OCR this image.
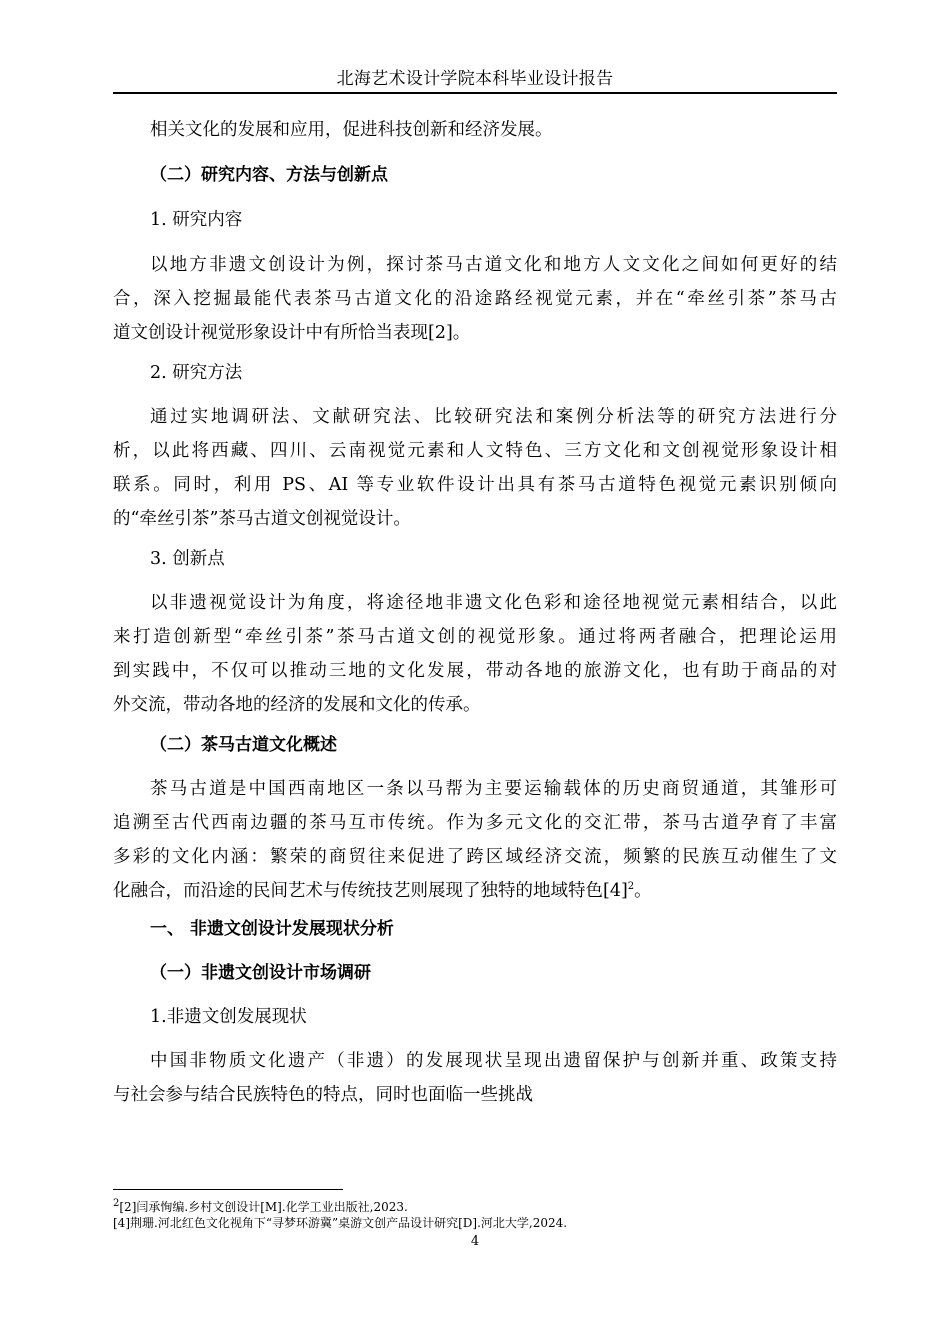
北海艺术设计学院本科毕业设计报告
相关文化的发展和应用，促进科技创新和经济发展。
（二）研究内容、方法与创新点
1. 研究内容
以地方非遗文创设计为例，探讨茶马古道文化和地方人文文化之间如何更好的结
合，深入挖掘最能代表茶马古道文化的沿途路经视觉元素，并在“牵丝引茶”茶马古
道文创设计视觉形象设计中有所恰当表现[2]。
2. 研究方法
通过实地调研法、文献研究法、比较研究法和案例分析法等的研究方法进行分
析，以此将西藏、四川、云南视觉元素和人文特色、三方文化和文创视觉形象设计相
联系。同时，利用 PS、AI 等专业软件设计出具有茶马古道特色视觉元素识别倾向
的“牵丝引茶”茶马古道文创视觉设计。
3. 创新点
以非遗视觉设计为角度，将途径地非遗文化色彩和途径地视觉元素相结合，以此
来打造创新型“牵丝引茶”茶马古道文创的视觉形象。通过将两者融合，把理论运用
到实践中，不仅可以推动三地的文化发展，带动各地的旅游文化，也有助于商品的对
外交流，带动各地的经济的发展和文化的传承。
（二）茶马古道文化概述
茶马古道是中国西南地区一条以马帮为主要运输载体的历史商贸通道，其雏形可
追溯至古代西南边疆的茶马互市传统。作为多元文化的交汇带，茶马古道孕育了丰富
多彩的文化内涵：繁荣的商贸往来促进了跨区域经济交流，频繁的民族互动催生了文
化融合，而沿途的民间艺术与传统技艺则展现了独特的地域特色$[4]^2$。
一、 非遗文创设计发展现状分析
（一）非遗文创设计市场调研
1.非遗文创发展现状
中国非物质文化遗产（非遗）的发展现状呈现出遗留保护与创新并重、政策支持
与社会参与结合民族特色的特点，同时也面临一些挑战
$^2$[2]闫承恂编.乡村文创设计[M].化学工业出版社,2023.
[4]荆珊.河北红色文化视角下“寻梦环游冀”桌游文创产品设计研究[D].河北大学,2024.
4
